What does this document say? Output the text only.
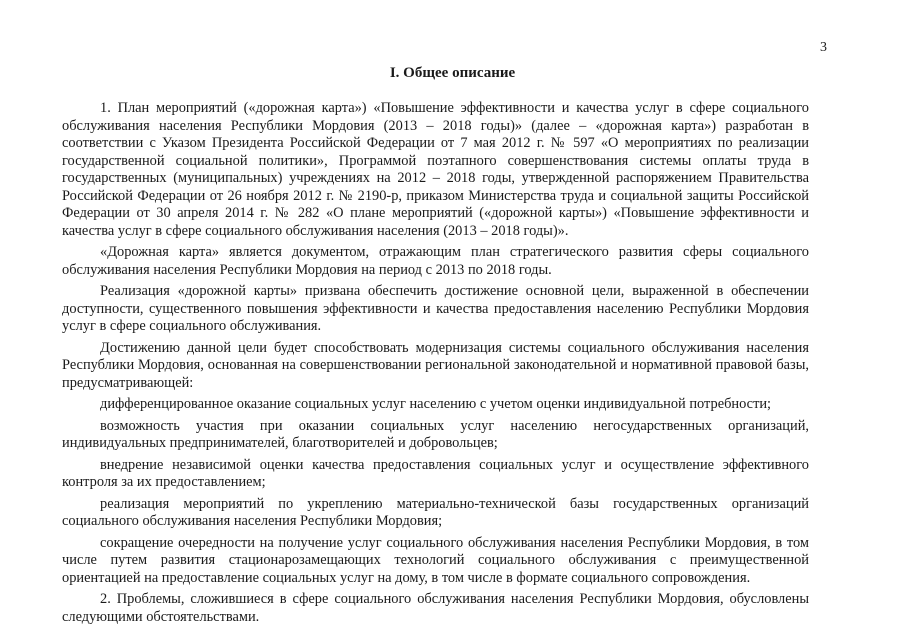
3
I. Общее описание

1. План мероприятий («дорожная карта») «Повышение эффективности и качества услуг в сфере социального обслуживания населения Республики Мордовия (2013 – 2018 годы)» (далее – «дорожная карта») разработан в соответствии с Указом Президента Российской Федерации от 7 мая 2012 г. № 597 «О мероприятиях по реализации государственной социальной политики», Программой поэтапного совершенствования системы оплаты труда в государственных (муниципальных) учреждениях на 2012 – 2018 годы, утвержденной распоряжением Правительства Российской Федерации от 26 ноября 2012 г. № 2190-р, приказом Министерства труда и социальной защиты Российской Федерации от 30 апреля 2014 г. № 282 «О плане мероприятий («дорожной карты») «Повышение эффективности и качества услуг в сфере социального обслуживания населения (2013 – 2018 годы)».

«Дорожная карта» является документом, отражающим план стратегического развития сферы социального обслуживания населения Республики Мордовия на период с 2013 по 2018 годы.

Реализация «дорожной карты» призвана обеспечить достижение основной цели, выраженной в обеспечении доступности, существенного повышения эффективности и качества предоставления населению Республики Мордовия услуг в сфере социального обслуживания.

Достижению данной цели будет способствовать модернизация системы социального обслуживания населения Республики Мордовия, основанная на совершенствовании региональной законодательной и нормативной правовой базы, предусматривающей:

дифференцированное оказание социальных услуг населению с учетом оценки индивидуальной потребности;

возможность участия при оказании социальных услуг населению негосударственных организаций, индивидуальных предпринимателей, благотворителей и добровольцев;

внедрение независимой оценки качества предоставления социальных услуг и осуществление эффективного контроля за их предоставлением;

реализация мероприятий по укреплению материально-технической базы государственных организаций социального обслуживания населения Республики Мордовия;

сокращение очередности на получение услуг социального обслуживания населения Республики Мордовия, в том числе путем развития стационарозамещающих технологий социального обслуживания с преимущественной ориентацией на предоставление социальных услуг на дому, в том числе в формате социального сопровождения.

2. Проблемы, сложившиеся в сфере социального обслуживания населения Республики Мордовия, обусловлены следующими обстоятельствами.
